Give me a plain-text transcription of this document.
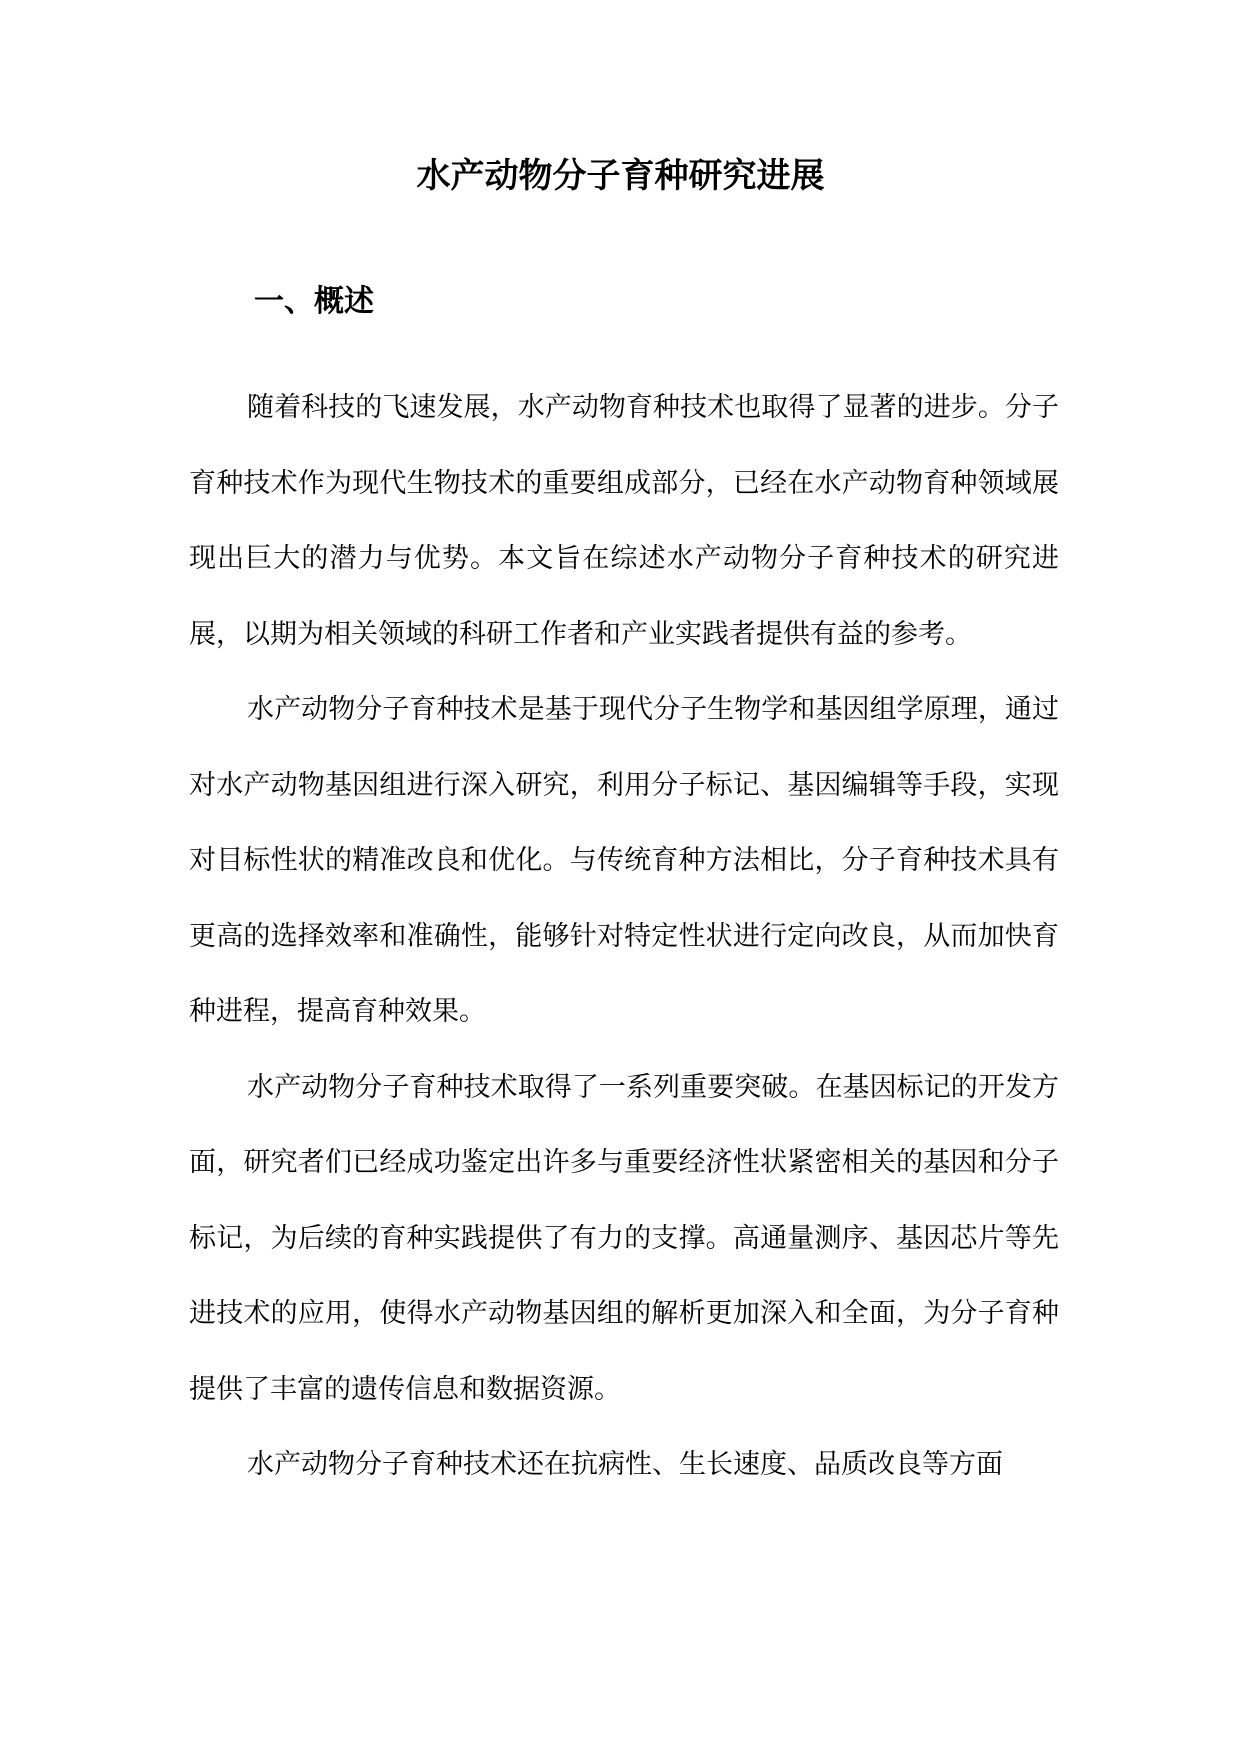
水产动物分子育种研究进展
一、概述

随着科技的飞速发展，水产动物育种技术也取得了显著的进步。分子育种技术作为现代生物技术的重要组成部分，已经在水产动物育种领域展现出巨大的潜力与优势。本文旨在综述水产动物分子育种技术的研究进展，以期为相关领域的科研工作者和产业实践者提供有益的参考。

水产动物分子育种技术是基于现代分子生物学和基因组学原理，通过对水产动物基因组进行深入研究，利用分子标记、基因编辑等手段，实现对目标性状的精准改良和优化。与传统育种方法相比，分子育种技术具有更高的选择效率和准确性，能够针对特定性状进行定向改良，从而加快育种进程，提高育种效果。

水产动物分子育种技术取得了一系列重要突破。在基因标记的开发方面，研究者们已经成功鉴定出许多与重要经济性状紧密相关的基因和分子标记，为后续的育种实践提供了有力的支撑。高通量测序、基因芯片等先进技术的应用，使得水产动物基因组的解析更加深入和全面，为分子育种提供了丰富的遗传信息和数据资源。

水产动物分子育种技术还在抗病性、生长速度、品质改良等方面
